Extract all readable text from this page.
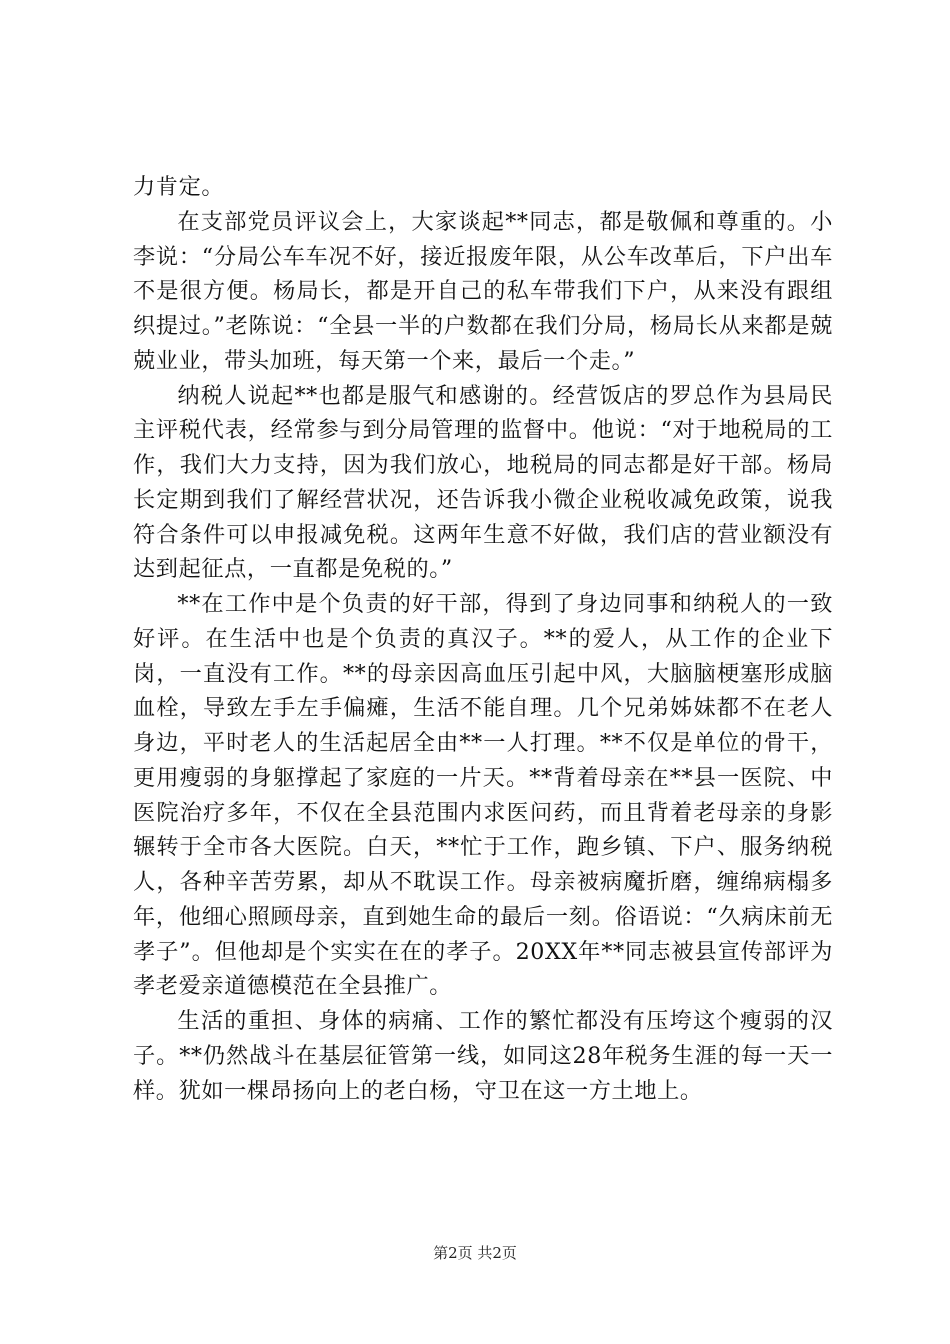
力肯定。

在支部党员评议会上，大家谈起**同志，都是敬佩和尊重的。小李说：“分局公车车况不好，接近报废年限，从公车改革后，下户出车不是很方便。杨局长，都是开自己的私车带我们下户，从来没有跟组织提过。”老陈说：“全县一半的户数都在我们分局，杨局长从来都是兢兢业业，带头加班，每天第一个来，最后一个走。”

纳税人说起**也都是服气和感谢的。经营饭店的罗总作为县局民主评税代表，经常参与到分局管理的监督中。他说：“对于地税局的工作，我们大力支持，因为我们放心，地税局的同志都是好干部。杨局长定期到我们了解经营状况，还告诉我小微企业税收减免政策，说我符合条件可以申报减免税。这两年生意不好做，我们店的营业额没有达到起征点，一直都是免税的。”

**在工作中是个负责的好干部，得到了身边同事和纳税人的一致好评。在生活中也是个负责的真汉子。**的爱人，从工作的企业下岗，一直没有工作。**的母亲因高血压引起中风，大脑脑梗塞形成脑血栓，导致左手左手偏瘫，生活不能自理。几个兄弟姊妹都不在老人身边，平时老人的生活起居全由**一人打理。**不仅是单位的骨干，更用瘦弱的身躯撑起了家庭的一片天。**背着母亲在**县一医院、中医院治疗多年，不仅在全县范围内求医问药，而且背着老母亲的身影辗转于全市各大医院。白天，**忙于工作，跑乡镇、下户、服务纳税人，各种辛苦劳累，却从不耽误工作。母亲被病魔折磨，缠绵病榻多年，他细心照顾母亲，直到她生命的最后一刻。俗语说：“久病床前无孝子”。但他却是个实实在在的孝子。20XX年**同志被县宣传部评为孝老爱亲道德模范在全县推广。

生活的重担、身体的病痛、工作的繁忙都没有压垮这个瘦弱的汉子。**仍然战斗在基层征管第一线，如同这28年税务生涯的每一天一样。犹如一棵昂扬向上的老白杨，守卫在这一方土地上。

第2页 共2页
